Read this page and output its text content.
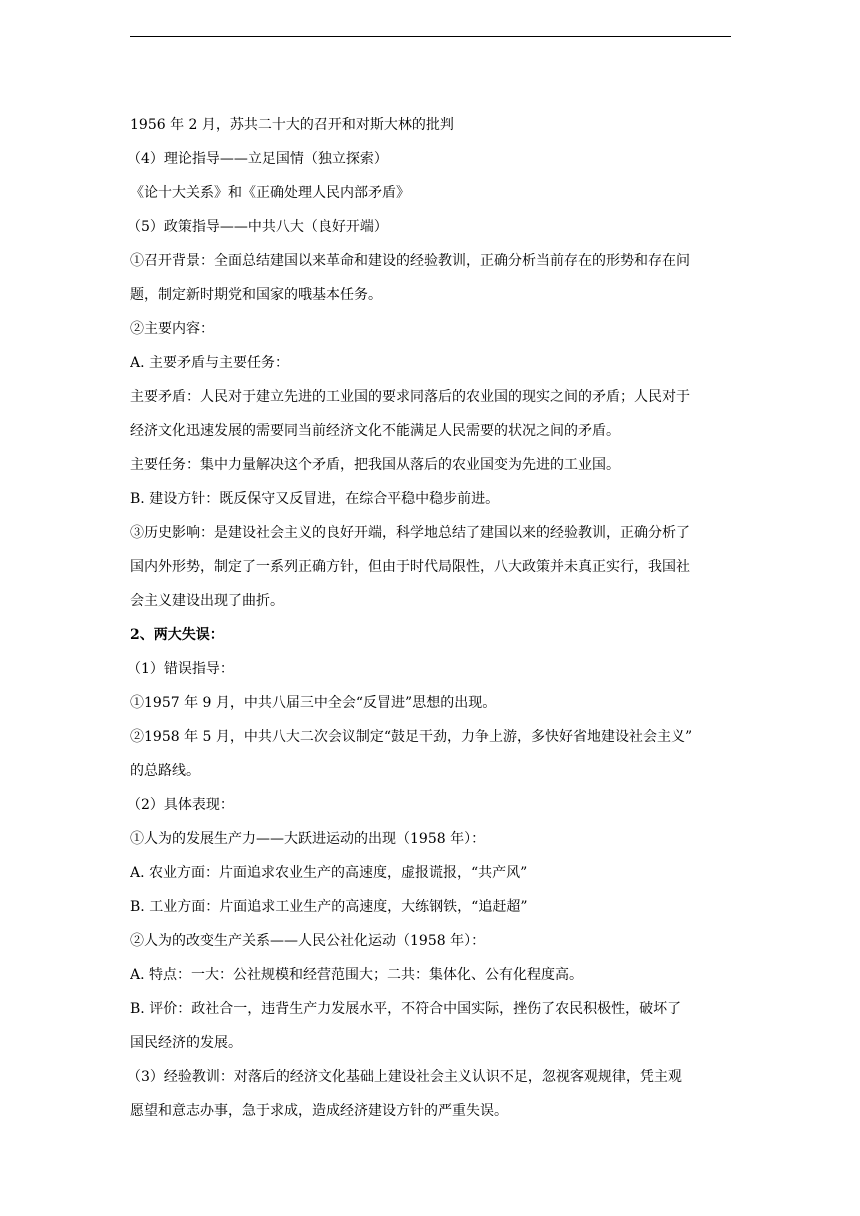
1956 年 2 月，苏共二十大的召开和对斯大林的批判
（4）理论指导——立足国情（独立探索）
《论十大关系》和《正确处理人民内部矛盾》
（5）政策指导——中共八大（良好开端）
①召开背景：全面总结建国以来革命和建设的经验教训，正确分析当前存在的形势和存在问
题，制定新时期党和国家的哦基本任务。
②主要内容：
A. 主要矛盾与主要任务：
主要矛盾：人民对于建立先进的工业国的要求同落后的农业国的现实之间的矛盾；人民对于
经济文化迅速发展的需要同当前经济文化不能满足人民需要的状况之间的矛盾。
主要任务：集中力量解决这个矛盾，把我国从落后的农业国变为先进的工业国。
B. 建设方针：既反保守又反冒进，在综合平稳中稳步前进。
③历史影响：是建设社会主义的良好开端，科学地总结了建国以来的经验教训，正确分析了
国内外形势，制定了一系列正确方针，但由于时代局限性，八大政策并未真正实行，我国社
会主义建设出现了曲折。
2、两大失误：
（1）错误指导：
①1957 年 9 月，中共八届三中全会“反冒进”思想的出现。
②1958 年 5 月，中共八大二次会议制定“鼓足干劲，力争上游，多快好省地建设社会主义”
的总路线。
（2）具体表现：
①人为的发展生产力——大跃进运动的出现（1958 年）：
A. 农业方面：片面追求农业生产的高速度，虚报谎报，“共产风”
B. 工业方面：片面追求工业生产的高速度，大练钢铁，“追赶超”
②人为的改变生产关系——人民公社化运动（1958 年）：
A. 特点：一大：公社规模和经营范围大；二共：集体化、公有化程度高。
B. 评价：政社合一，违背生产力发展水平，不符合中国实际，挫伤了农民积极性，破坏了
国民经济的发展。
（3）经验教训：对落后的经济文化基础上建设社会主义认识不足，忽视客观规律，凭主观
愿望和意志办事，急于求成，造成经济建设方针的严重失误。
